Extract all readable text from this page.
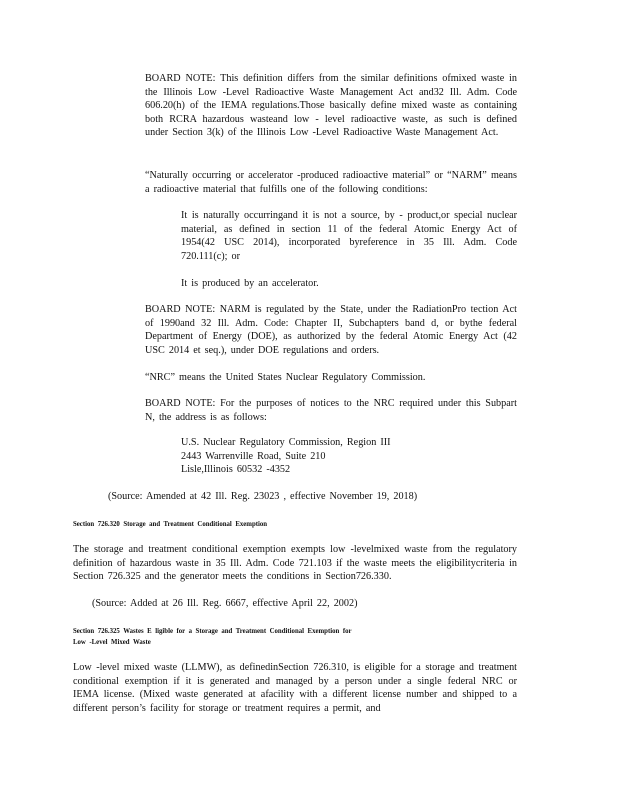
BOARD NOTE: This definition differs from the similar definitions ofmixed waste in the Illinois Low -Level Radioactive Waste Management Act and32 Ill. Adm. Code 606.20(h) of the IEMA regulations.Those basically define mixed waste as containing both RCRA hazardous wasteand low - level radioactive waste, as such is defined under Section 3(k) of the Illinois Low -Level Radioactive Waste Management Act.

“Naturally occurring or accelerator -produced radioactive material” or “NARM” means a radioactive material that fulfills one of the following conditions:

It is naturally occurringand it is not a source, by - product,or special nuclear material, as defined in section 11 of the federal Atomic Energy Act of 1954(42 USC 2014), incorporated byreference in 35 Ill. Adm. Code 720.111(c); or

It is produced by an accelerator.

BOARD NOTE: NARM is regulated by the State, under the RadiationPro tection Act of 1990and 32 Ill. Adm. Code: Chapter II, Subchapters band d, or bythe federal Department of Energy (DOE), as authorized by the federal Atomic Energy Act (42 USC 2014 et seq.), under DOE regulations and orders.

“NRC” means the United States Nuclear Regulatory Commission.

BOARD NOTE: For the purposes of notices to the NRC required under this Subpart N, the address is as follows:

U.S. Nuclear Regulatory Commission, Region III
2443 Warrenville Road, Suite 210
Lisle,Illinois 60532 -4352

(Source: Amended at 42 Ill. Reg. 23023 , effective November 19, 2018)

Section 726.320 Storage and Treatment Conditional Exemption

The storage and treatment conditional exemption exempts low -levelmixed waste from the regulatory definition of hazardous waste in 35 Ill. Adm. Code 721.103 if the waste meets the eligibilitycriteria in Section 726.325 and the generator meets the conditions in Section726.330.

(Source: Added at 26 Ill. Reg. 6667, effective April 22, 2002)

Section 726.325 Wastes E ligible for a Storage and Treatment Conditional Exemption for
Low -Level Mixed Waste

Low -level mixed waste (LLMW), as definedinSection 726.310, is eligible for a storage and treatment conditional exemption if it is generated and managed by a person under a single federal NRC or IEMA license. (Mixed waste generated at afacility with a different license number and shipped to a different person’s facility for storage or treatment requires a permit, and
